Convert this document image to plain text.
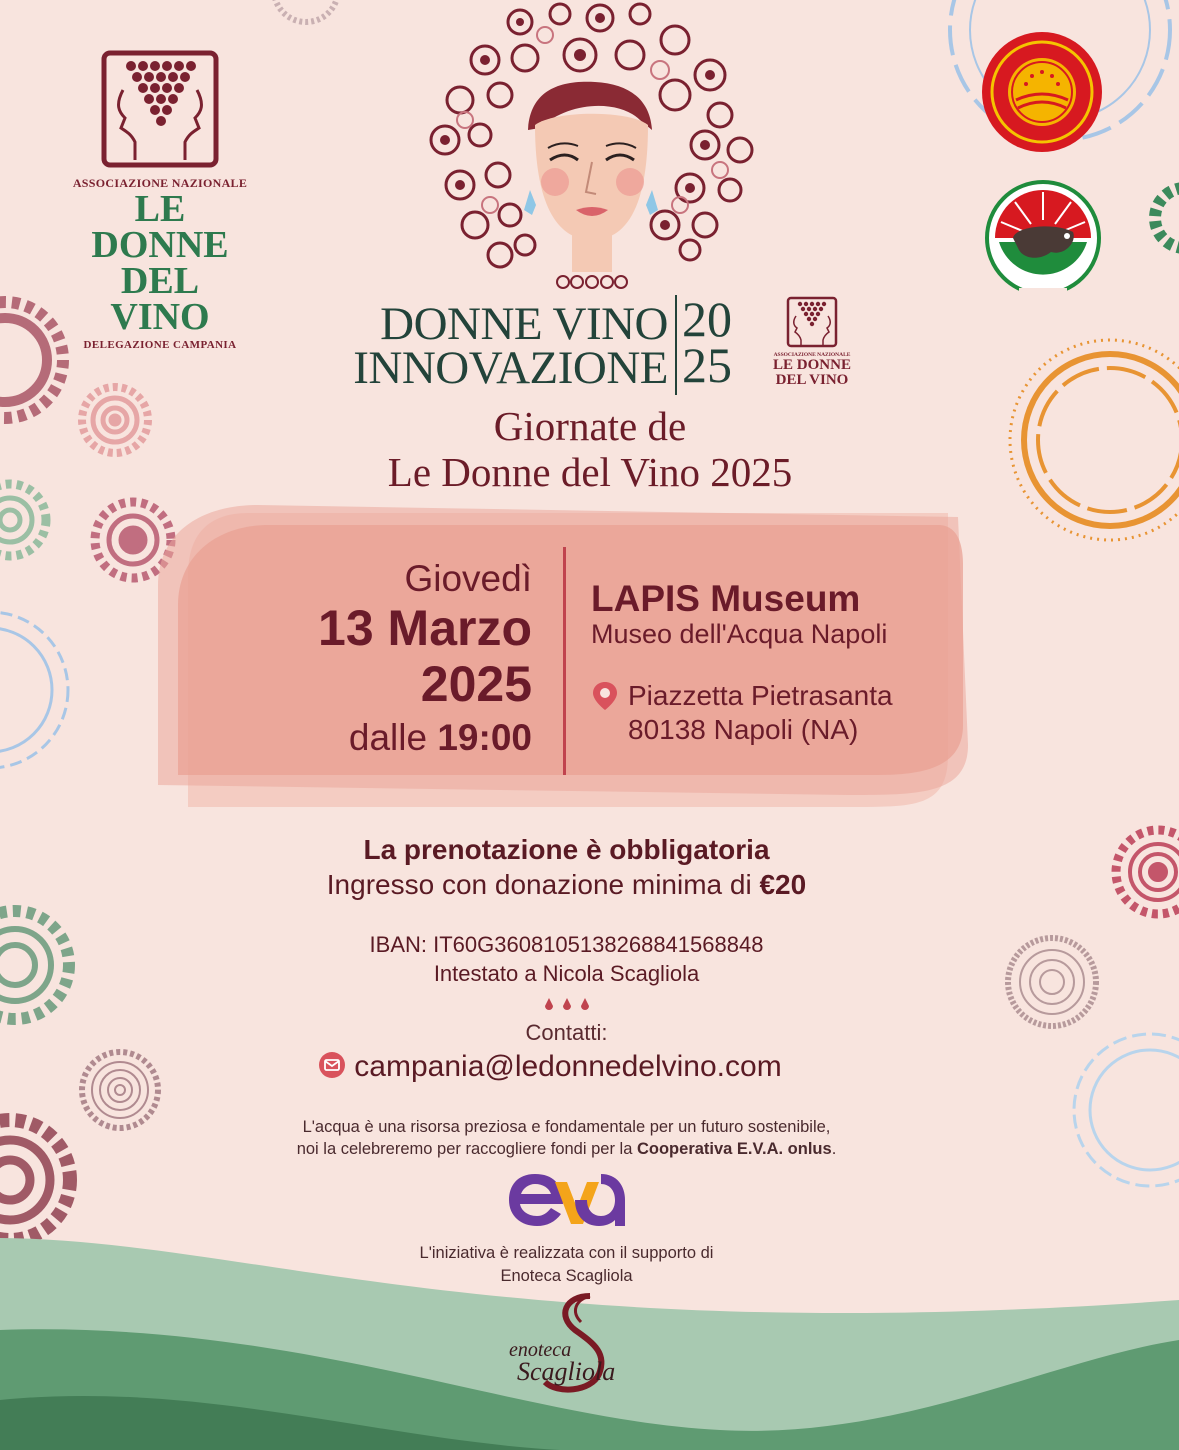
ASSOCIAZIONE NAZIONALE
LE DONNE
DEL VINO
DELEGAZIONE CAMPANIA	DONNE VINO
INNOVAZIONE
20
25	ASSOCIAZIONE NAZIONALE
LE DONNE
DEL VINO
Giornate de
Le Donne del Vino 2025
Giovedì
13 Marzo
2025
dalle 19:00
LAPIS Museum
Museo dell'Acqua Napoli
Piazzetta Pietrasanta
80138 Napoli (NA)
La prenotazione è obbligatoria
Ingresso con donazione minima di €20
IBAN: IT60G3608105138268841568848
Intestato a Nicola Scagliola
Contatti:
campania@ledonnedelvino.com
L'acqua è una risorsa preziosa e fondamentale per un futuro sostenibile,
noi la celebreremo per raccogliere fondi per la Cooperativa E.V.A. onlus.
L'iniziativa è realizzata con il supporto di
Enoteca Scagliola
enoteca
Scagliola
